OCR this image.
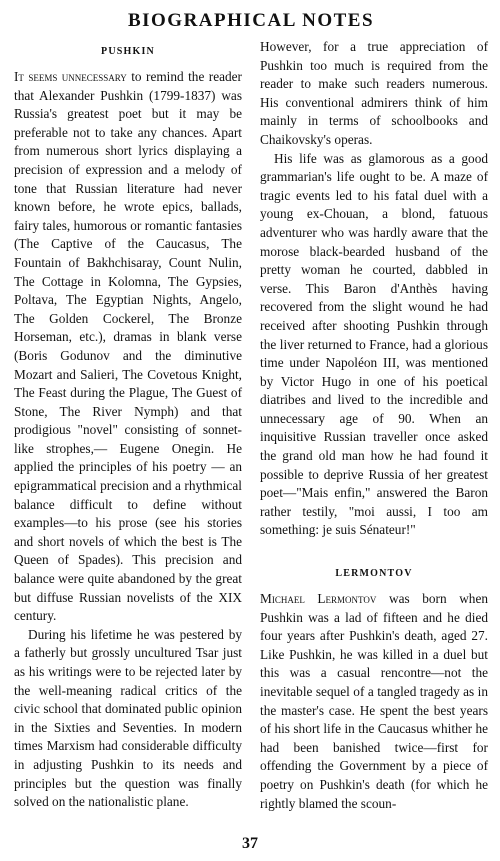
BIOGRAPHICAL NOTES
PUSHKIN

It seems unnecessary to remind the reader that Alexander Pushkin (1799-1837) was Russia's greatest poet but it may be preferable not to take any chances. Apart from numerous short lyrics displaying a precision of expression and a melody of tone that Russian literature had never known before, he wrote epics, ballads, fairy tales, humorous or romantic fantasies (The Captive of the Caucasus, The Fountain of Bakhchisaray, Count Nulin, The Cottage in Kolomna, The Gypsies, Poltava, The Egyptian Nights, Angelo, The Golden Cockerel, The Bronze Horseman, etc.), dramas in blank verse (Boris Godunov and the diminutive Mozart and Salieri, The Covetous Knight, The Feast during the Plague, The Guest of Stone, The River Nymph) and that prodigious "novel" consisting of sonnet-like strophes,— Eugene Onegin. He applied the principles of his poetry — an epigrammatical precision and a rhythmical balance difficult to define without examples—to his prose (see his stories and short novels of which the best is The Queen of Spades). This precision and balance were quite abandoned by the great but diffuse Russian novelists of the XIX century.

During his lifetime he was pestered by a fatherly but grossly uncultured Tsar just as his writings were to be rejected later by the well-meaning radical critics of the civic school that dominated public opinion in the Sixties and Seventies. In modern times Marxism had considerable difficulty in adjusting Pushkin to its needs and principles but the question was finally solved on the nationalistic plane.

However, for a true appreciation of Pushkin too much is required from the reader to make such readers numerous. His conventional admirers think of him mainly in terms of schoolbooks and Chaikovsky's operas.

His life was as glamorous as a good grammarian's life ought to be. A maze of tragic events led to his fatal duel with a young ex-Chouan, a blond, fatuous adventurer who was hardly aware that the morose black-bearded husband of the pretty woman he courted, dabbled in verse. This Baron d'Anthès having recovered from the slight wound he had received after shooting Pushkin through the liver returned to France, had a glorious time under Napoléon III, was mentioned by Victor Hugo in one of his poetical diatribes and lived to the incredible and unnecessary age of 90. When an inquisitive Russian traveller once asked the grand old man how he had found it possible to deprive Russia of her greatest poet—"Mais enfin," answered the Baron rather testily, "moi aussi, I too am something: je suis Sénateur!"

LERMONTOV

Michael Lermontov was born when Pushkin was a lad of fifteen and he died four years after Pushkin's death, aged 27. Like Pushkin, he was killed in a duel but this was a casual rencontre—not the inevitable sequel of a tangled tragedy as in the master's case. He spent the best years of his short life in the Caucasus whither he had been banished twice—first for offending the Government by a piece of poetry on Pushkin's death (for which he rightly blamed the scoun-

37
